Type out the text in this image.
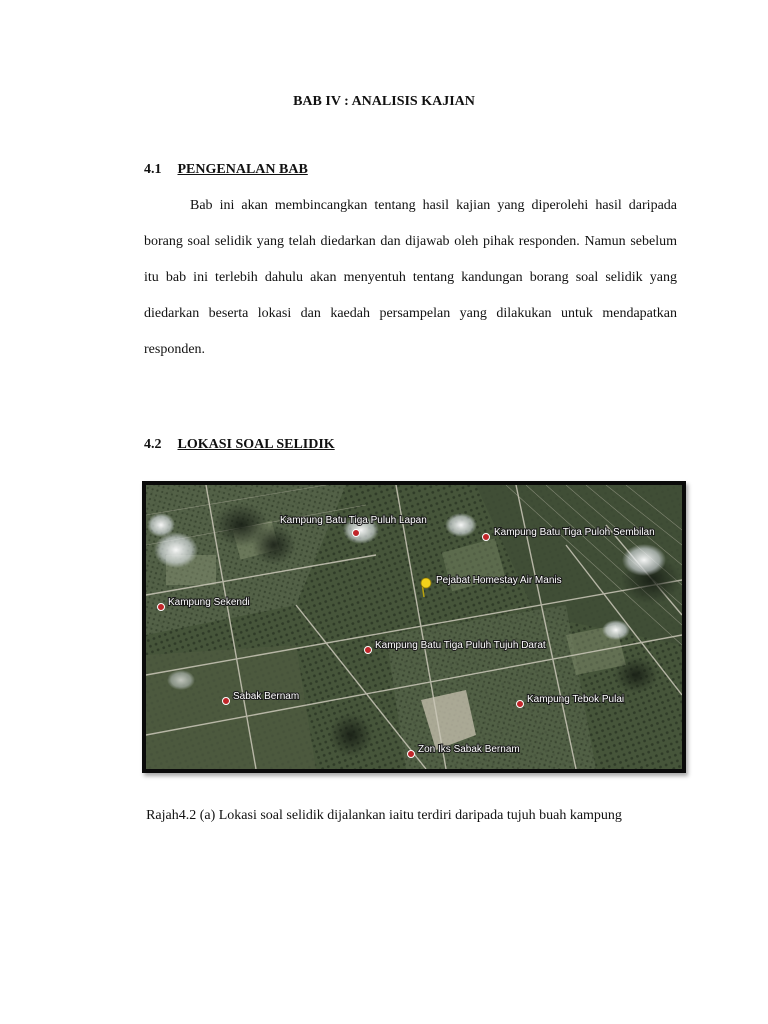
BAB IV : ANALISIS KAJIAN
4.1 PENGENALAN BAB

Bab ini akan membincangkan tentang hasil kajian yang diperolehi hasil daripada borang soal selidik yang telah diedarkan dan dijawab oleh pihak responden. Namun sebelum itu bab ini terlebih dahulu akan menyentuh tentang kandungan borang soal selidik yang diedarkan beserta lokasi dan kaedah persampelan yang dilakukan untuk mendapatkan responden.

4.2 LOKASI SOAL SELIDIK
Kampung Batu Tiga Puluh Lapan
Kampung Batu Tiga Puloh Sembilan
Pejabat Homestay Air Manis
Kampung Sekendi
Kampung Batu Tiga Puluh Tujuh Darat
Sabak Bernam	Kampung Tebok Pulai
Zon Iks Sabak Bernam
Rajah4.2 (a) Lokasi soal selidik dijalankan iaitu terdiri daripada tujuh buah kampung
